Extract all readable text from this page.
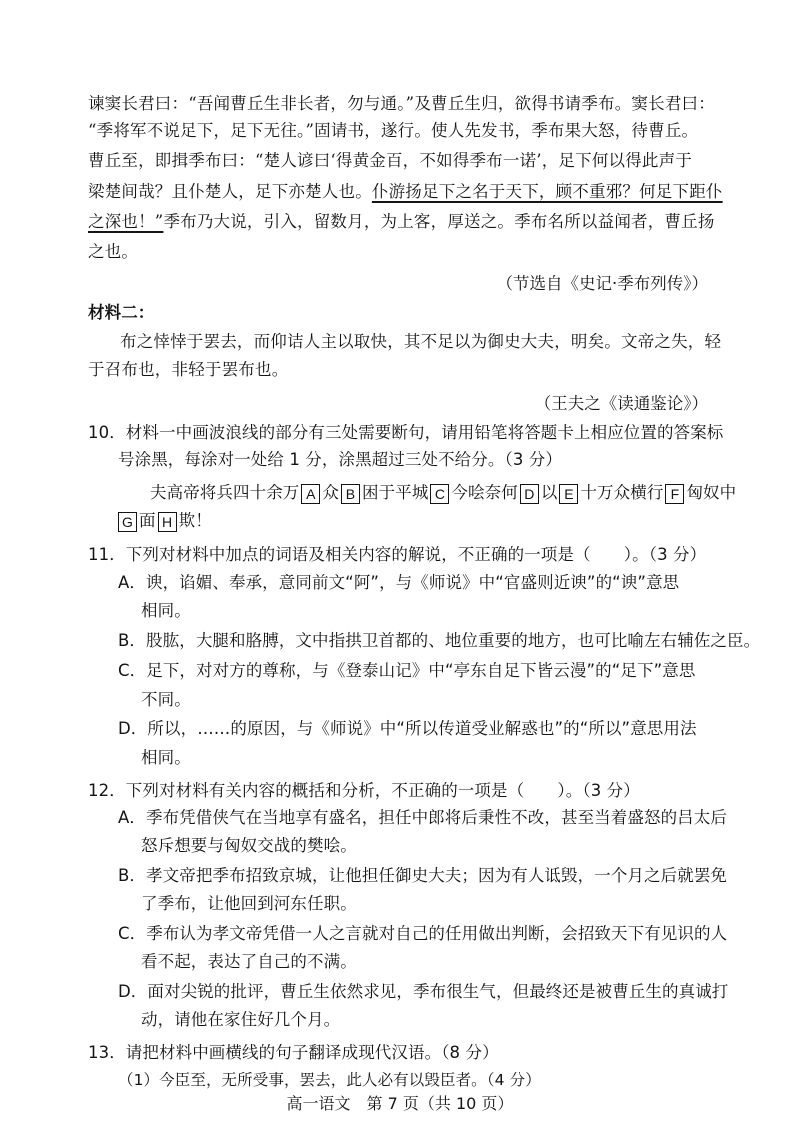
谏窦长君曰：“吾闻曹丘生非长者，勿与通。”及曹丘生归，欲得书请季布。窦长君曰：
“季将军不说足下，足下无往。”固请书，遂行。使人先发书，季布果大怒，待曹丘。
曹丘至，即揖季布曰：“楚人谚曰‘得黄金百，不如得季布一诺’，足下何以得此声于
梁楚间哉？且仆楚人，足下亦楚人也。仆游扬足下之名于天下，顾不重邪？何足下距仆
之深也！”季布乃大说，引入，留数月，为上客，厚送之。季布名所以益闻者，曹丘扬
之也。
（节选自《史记·季布列传》）
材料二：
布之悻悻于罢去，而仰诘人主以取快，其不足以为御史大夫，明矣。文帝之失，轻
于召布也，非轻于罢布也。
（王夫之《读通鉴论》）
10．材料一中画波浪线的部分有三处需要断句，请用铅笔将答题卡上相应位置的答案标
号涂黑，每涂对一处给 1 分，涂黑超过三处不给分。（3 分）
夫高帝将兵四十余万 A 众 B 困于平城 C 今哙奈何 D 以 E 十万众横行 F 匈奴中
G 面 H 欺！
11．下列对材料中加点的词语及相关内容的解说，不正确的一项是（　　）。（3 分）
A．谀，谄媚、奉承，意同前文“阿”，与《师说》中“官盛则近谀”的“谀”意思
相同。
B．股肱，大腿和胳膊，文中指拱卫首都的、地位重要的地方，也可比喻左右辅佐之臣。
C．足下，对对方的尊称，与《登泰山记》中“亭东自足下皆云漫”的“足下”意思
不同。
D．所以，……的原因，与《师说》中“所以传道受业解惑也”的“所以”意思用法
相同。
12．下列对材料有关内容的概括和分析，不正确的一项是（　　）。（3 分）
A．季布凭借侠气在当地享有盛名，担任中郎将后秉性不改，甚至当着盛怒的吕太后
怒斥想要与匈奴交战的樊哙。
B．孝文帝把季布招致京城，让他担任御史大夫；因为有人诋毁，一个月之后就罢免
了季布，让他回到河东任职。
C．季布认为孝文帝凭借一人之言就对自己的任用做出判断，会招致天下有见识的人
看不起，表达了自己的不满。
D．面对尖锐的批评，曹丘生依然求见，季布很生气，但最终还是被曹丘生的真诚打
动，请他在家住好几个月。
13．请把材料中画横线的句子翻译成现代汉语。（8 分）
（1）今臣至，无所受事，罢去，此人必有以毁臣者。（4 分）
高一语文　第 7 页（共 10 页）
